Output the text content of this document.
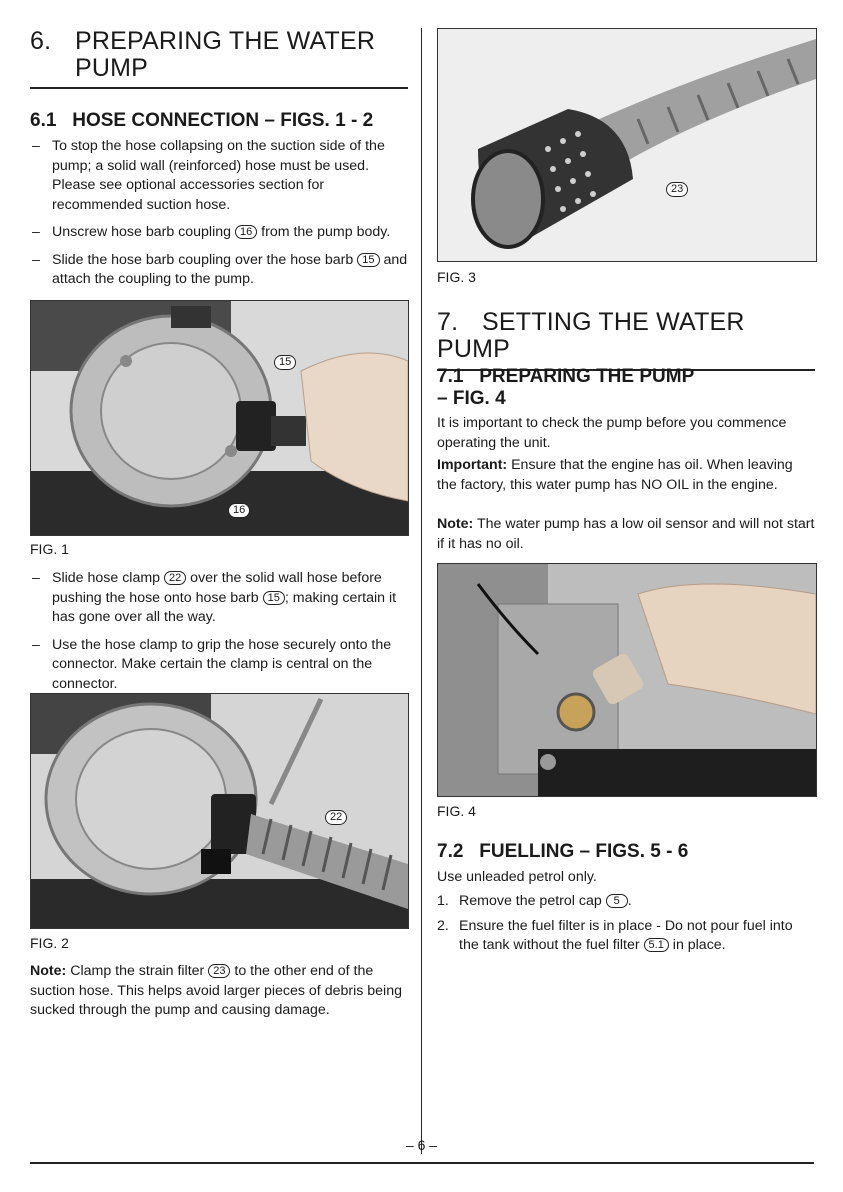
6. PREPARING THE WATER
PUMP
6.1   HOSE CONNECTION – FIGS. 1 - 2
– To stop the hose collapsing on the suction side of the pump; a solid wall (reinforced) hose must be used. Please see optional accessories section for recommended suction hose.
– Unscrew hose barb coupling 16 from the pump body.
– Slide the hose barb coupling over the hose barb 15 and attach the coupling to the pump.
15
16
FIG. 1
– Slide hose clamp 22 over the solid wall hose before pushing the hose onto hose barb 15 ; making certain it has gone over all the way.
– Use the hose clamp to grip the hose securely onto the connector. Make certain the clamp is central on the connector.
22
FIG. 2

Note: Clamp the strain filter 23 to the other end of the suction hose. This helps avoid larger pieces of debris being sucked through the pump and causing damage.

23
FIG. 3
7. SETTING THE WATER PUMP
7.1   PREPARING THE PUMP
– FIG. 4

It is important to check the pump before you commence operating the unit.

Important: Ensure that the engine has oil. When leaving the factory, this water pump has NO OIL in the engine.

Note: The water pump has a low oil sensor and will not start if it has no oil.

FIG. 4
7.2   FUELLING – FIGS. 5 - 6

Use unleaded petrol only.

1. Remove the petrol cap 5 .
2. Ensure the fuel filter is in place - Do not pour fuel into the tank without the fuel filter 5.1 in place.
– 6 –
